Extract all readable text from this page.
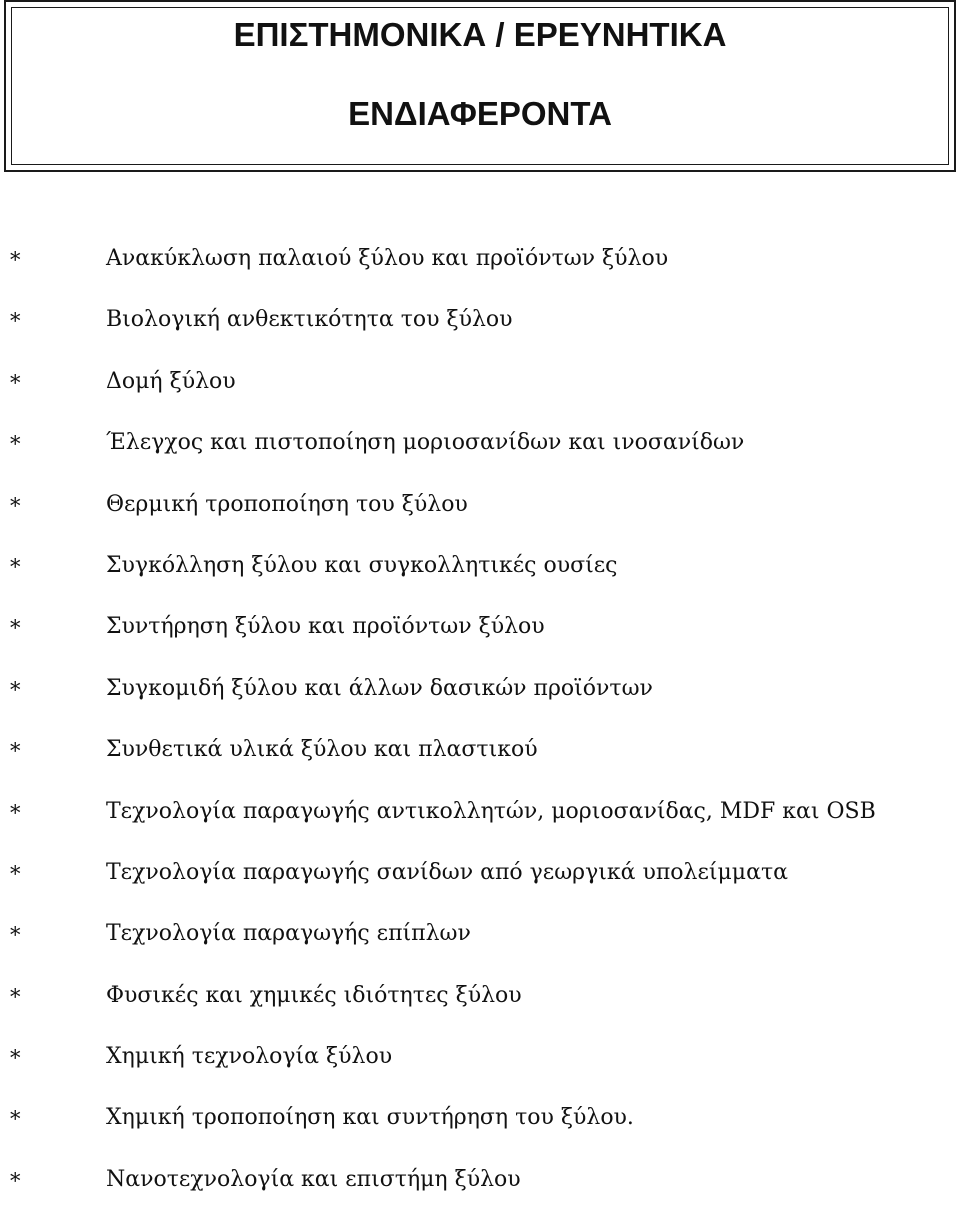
ΕΠΙΣΤΗΜΟΝΙΚΑ / ΕΡΕΥΝΗΤΙΚΑ
ΕΝΔΙΑΦΕΡΟΝΤΑ
*	Ανακύκλωση παλαιού ξύλου και προϊόντων ξύλου
*	Βιολογική ανθεκτικότητα του ξύλου
*	Δομή ξύλου
*	Έλεγχος και πιστοποίηση μοριοσανίδων και ινοσανίδων
*	Θερμική τροποποίηση του ξύλου
*	Συγκόλληση ξύλου και συγκολλητικές ουσίες
*	Συντήρηση ξύλου και προϊόντων ξύλου
*	Συγκομιδή ξύλου και άλλων δασικών προϊόντων
*	Συνθετικά υλικά ξύλου και πλαστικού
*	Τεχνολογία παραγωγής αντικολλητών, μοριοσανίδας, MDF και OSB
*	Τεχνολογία παραγωγής σανίδων από γεωργικά υπολείμματα
*	Τεχνολογία παραγωγής επίπλων
*	Φυσικές και χημικές ιδιότητες ξύλου
*	Χημική τεχνολογία ξύλου
*	Χημική τροποποίηση και συντήρηση του ξύλου.
*	Νανοτεχνολογία και επιστήμη ξύλου
